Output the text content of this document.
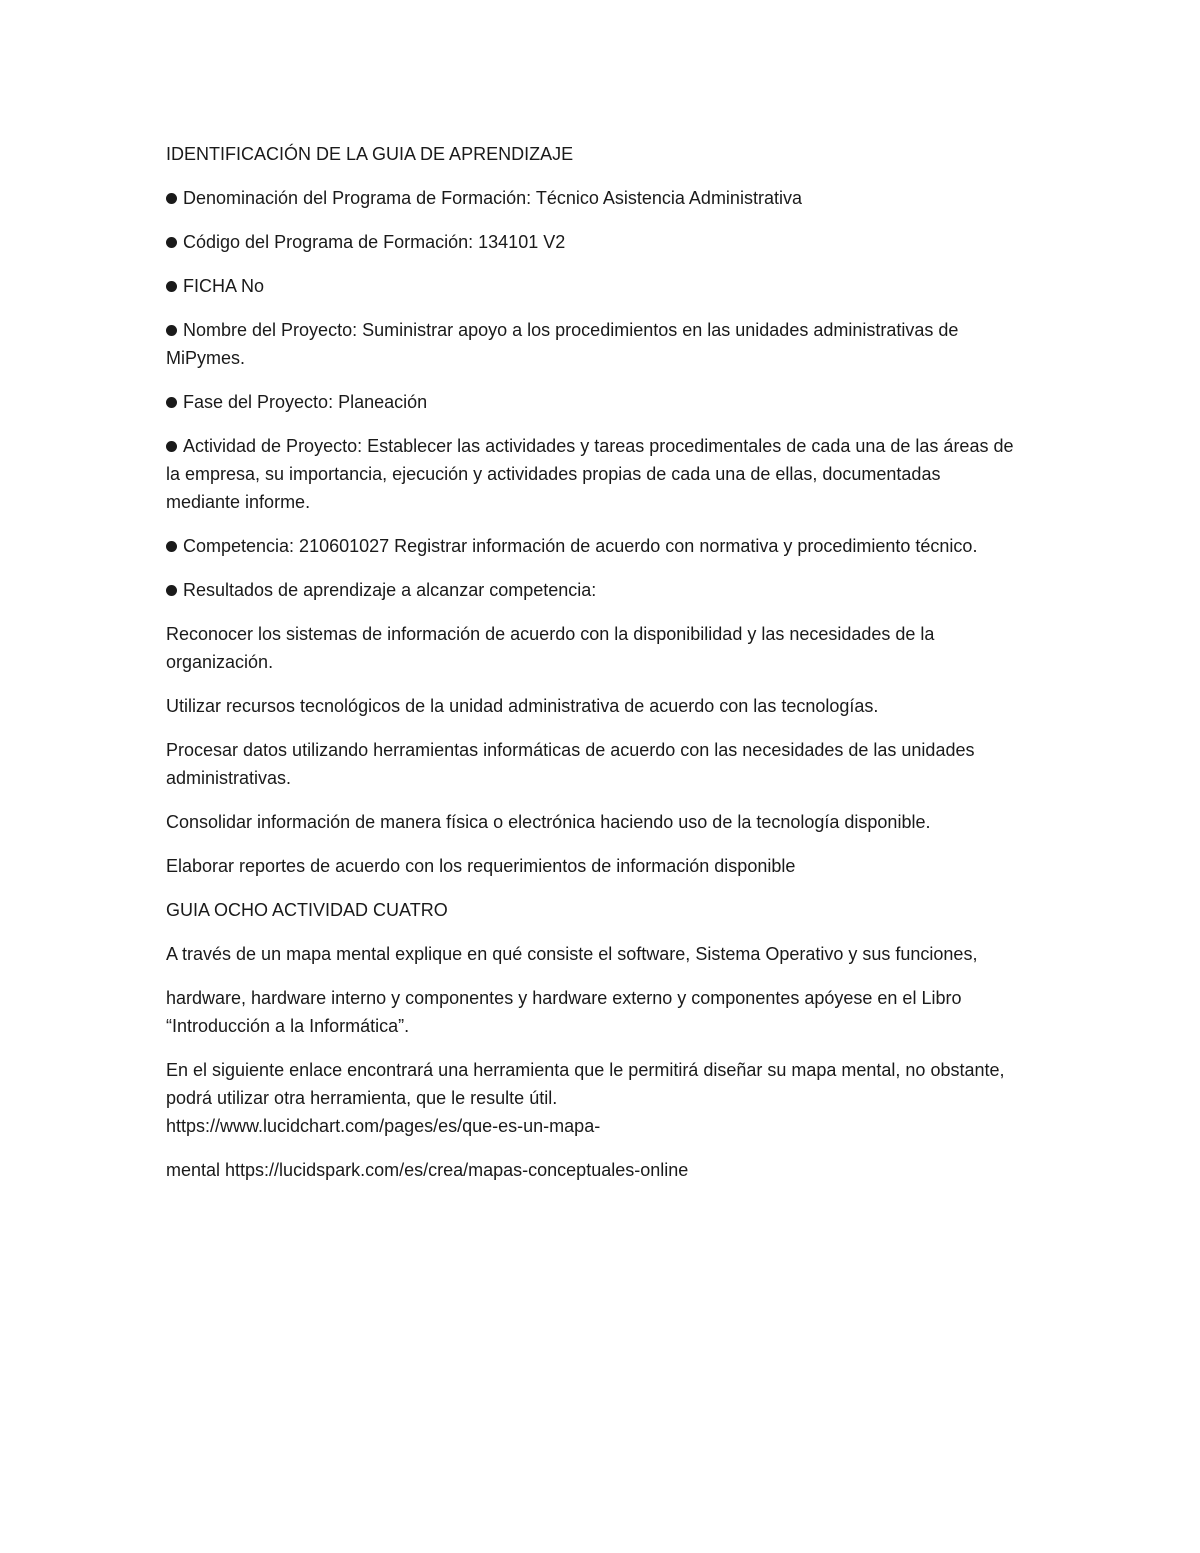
IDENTIFICACIÓN DE LA GUIA DE APRENDIZAJE

Denominación del Programa de Formación: Técnico Asistencia Administrativa

Código del Programa de Formación: 134101 V2

FICHA No

Nombre del Proyecto: Suministrar apoyo a los procedimientos en las unidades administrativas de MiPymes.

Fase del Proyecto: Planeación

Actividad de Proyecto: Establecer las actividades y tareas procedimentales de cada una de las áreas de la empresa, su importancia, ejecución y actividades propias de cada una de ellas, documentadas mediante informe.

Competencia: 210601027 Registrar información de acuerdo con normativa y procedimiento técnico.

Resultados de aprendizaje a alcanzar competencia:

Reconocer los sistemas de información de acuerdo con la disponibilidad y las necesidades de la organización.

Utilizar recursos tecnológicos de la unidad administrativa de acuerdo con las tecnologías.

Procesar datos utilizando herramientas informáticas de acuerdo con las necesidades de las unidades administrativas.

Consolidar información de manera física o electrónica haciendo uso de la tecnología disponible.

Elaborar reportes de acuerdo con los requerimientos de información disponible

GUIA OCHO ACTIVIDAD CUATRO

A través de un mapa mental explique en qué consiste el software, Sistema Operativo y sus funciones,

hardware, hardware interno y componentes y hardware externo y componentes apóyese en el Libro “Introducción a la Informática”.

En el siguiente enlace encontrará una herramienta que le permitirá diseñar su mapa mental, no obstante, podrá utilizar otra herramienta, que le resulte útil.
https://www.lucidchart.com/pages/es/que-es-un-mapa-

mental https://lucidspark.com/es/crea/mapas-conceptuales-online
